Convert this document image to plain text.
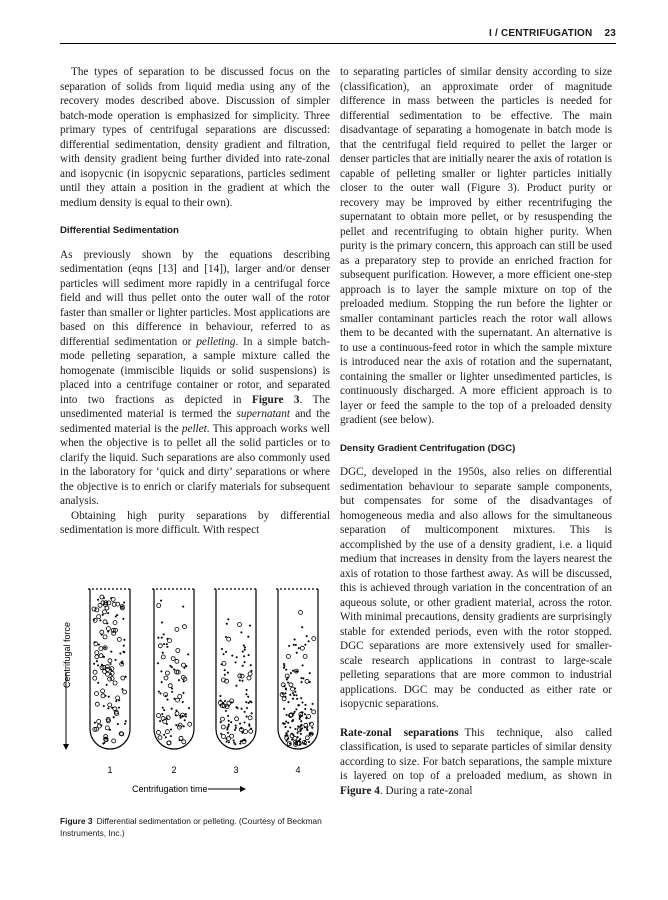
I / CENTRIFUGATION 23

The types of separation to be discussed focus on the separation of solids from liquid media using any of the recovery modes described above. Discussion of simpler batch-mode operation is emphasized for simplicity. Three primary types of centrifugal separations are discussed: differential sedimentation, density gradient and filtration, with density gradient being further divided into rate-zonal and isopycnic (in isopycnic separations, particles sediment until they attain a position in the gradient at which the medium density is equal to their own).

Differential Sedimentation

As previously shown by the equations describing sedimentation (eqns [13] and [14]), larger and/or denser particles will sediment more rapidly in a centrifugal force field and will thus pellet onto the outer wall of the rotor faster than smaller or lighter particles. Most applications are based on this difference in behaviour, referred to as differential sedimentation or pelleting. In a simple batch-mode pelleting separation, a sample mixture called the homogenate (immiscible liquids or solid suspensions) is placed into a centrifuge container or rotor, and separated into two fractions as depicted in Figure 3. The unsedimented material is termed the supernatant and the sedimented material is the pellet. This approach works well when the objective is to pellet all the solid particles or to clarify the liquid. Such separations are also commonly used in the laboratory for ‘quick and dirty’ separations or where the objective is to enrich or clarify materials for subsequent analysis.

Obtaining high purity separations by differential sedimentation is more difficult. With respect

Centrifugal force
1	2	3	4
Centrifugation time
Figure 3 Differential sedimentation or pelleting. (Courtesy of Beckman Instruments, Inc.)

to separating particles of similar density according to size (classification), an approximate order of magnitude difference in mass between the particles is needed for differential sedimentation to be effective. The main disadvantage of separating a homogenate in batch mode is that the centrifugal field required to pellet the larger or denser particles that are initially nearer the axis of rotation is capable of pelleting smaller or lighter particles initially closer to the outer wall (Figure 3). Product purity or recovery may be improved by either recentrifuging the supernatant to obtain more pellet, or by resuspending the pellet and recentrifuging to obtain higher purity. When purity is the primary concern, this approach can still be used as a preparatory step to provide an enriched fraction for subsequent purification. However, a more efficient one-step approach is to layer the sample mixture on top of the preloaded medium. Stopping the run before the lighter or smaller contaminant particles reach the rotor wall allows them to be decanted with the supernatant. An alternative is to use a continuous-feed rotor in which the sample mixture is introduced near the axis of rotation and the supernatant, containing the smaller or lighter unsedimented particles, is continuously discharged. A more efficient approach is to layer or feed the sample to the top of a preloaded density gradient (see below).

Density Gradient Centrifugation (DGC)

DGC, developed in the 1950s, also relies on differential sedimentation behaviour to separate sample components, but compensates for some of the disadvantages of homogeneous media and also allows for the simultaneous separation of multicomponent mixtures. This is accomplished by the use of a density gradient, i.e. a liquid medium that increases in density from the layers nearest the axis of rotation to those farthest away. As will be discussed, this is achieved through variation in the concentration of an aqueous solute, or other gradient material, across the rotor. With minimal precautions, density gradients are surprisingly stable for extended periods, even with the rotor stopped. DGC separations are more extensively used for smaller-scale research applications in contrast to large-scale pelleting separations that are more common to industrial applications. DGC may be conducted as either rate or isopycnic separations.

Rate-zonal separations This technique, also called classification, is used to separate particles of similar density according to size. For batch separations, the sample mixture is layered on top of a preloaded medium, as shown in Figure 4. During a rate-zonal
